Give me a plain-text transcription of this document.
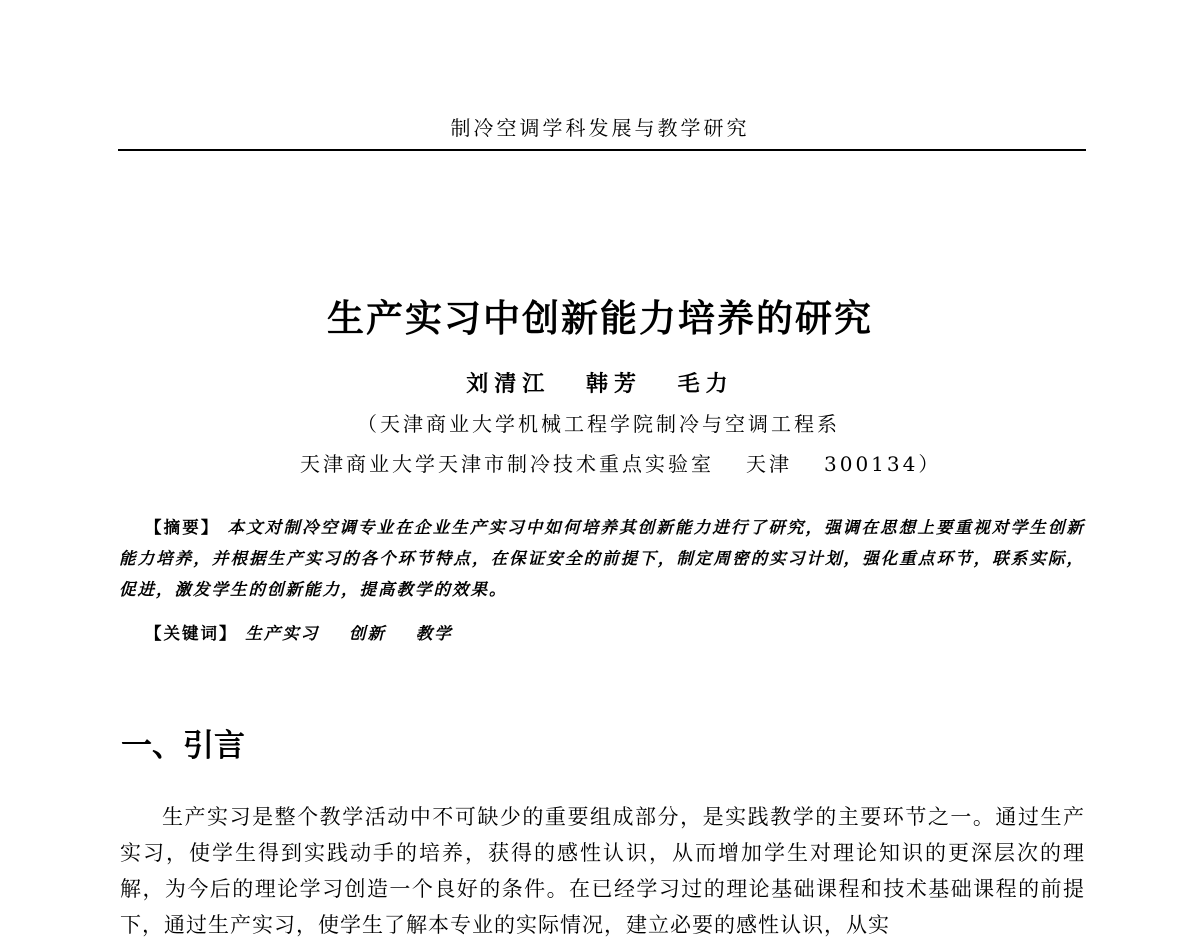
制冷空调学科发展与教学研究
生产实习中创新能力培养的研究
刘清江 韩芳 毛力
（天津商业大学机械工程学院制冷与空调工程系
天津商业大学天津市制冷技术重点实验室 天津 300134）
【摘要】 本文对制冷空调专业在企业生产实习中如何培养其创新能力进行了研究，强调在思想上要重视对学生创新能力培养，并根据生产实习的各个环节特点，在保证安全的前提下，制定周密的实习计划，强化重点环节，联系实际，促进，激发学生的创新能力，提高教学的效果。
【关键词】 生产实习 创新 教学
一、引言
生产实习是整个教学活动中不可缺少的重要组成部分，是实践教学的主要环节之一。通过生产实习，使学生得到实践动手的培养，获得的感性认识，从而增加学生对理论知识的更深层次的理解，为今后的理论学习创造一个良好的条件。在已经学习过的理论基础课程和技术基础课程的前提下，通过生产实习，使学生了解本专业的实际情况，建立必要的感性认识，从实
